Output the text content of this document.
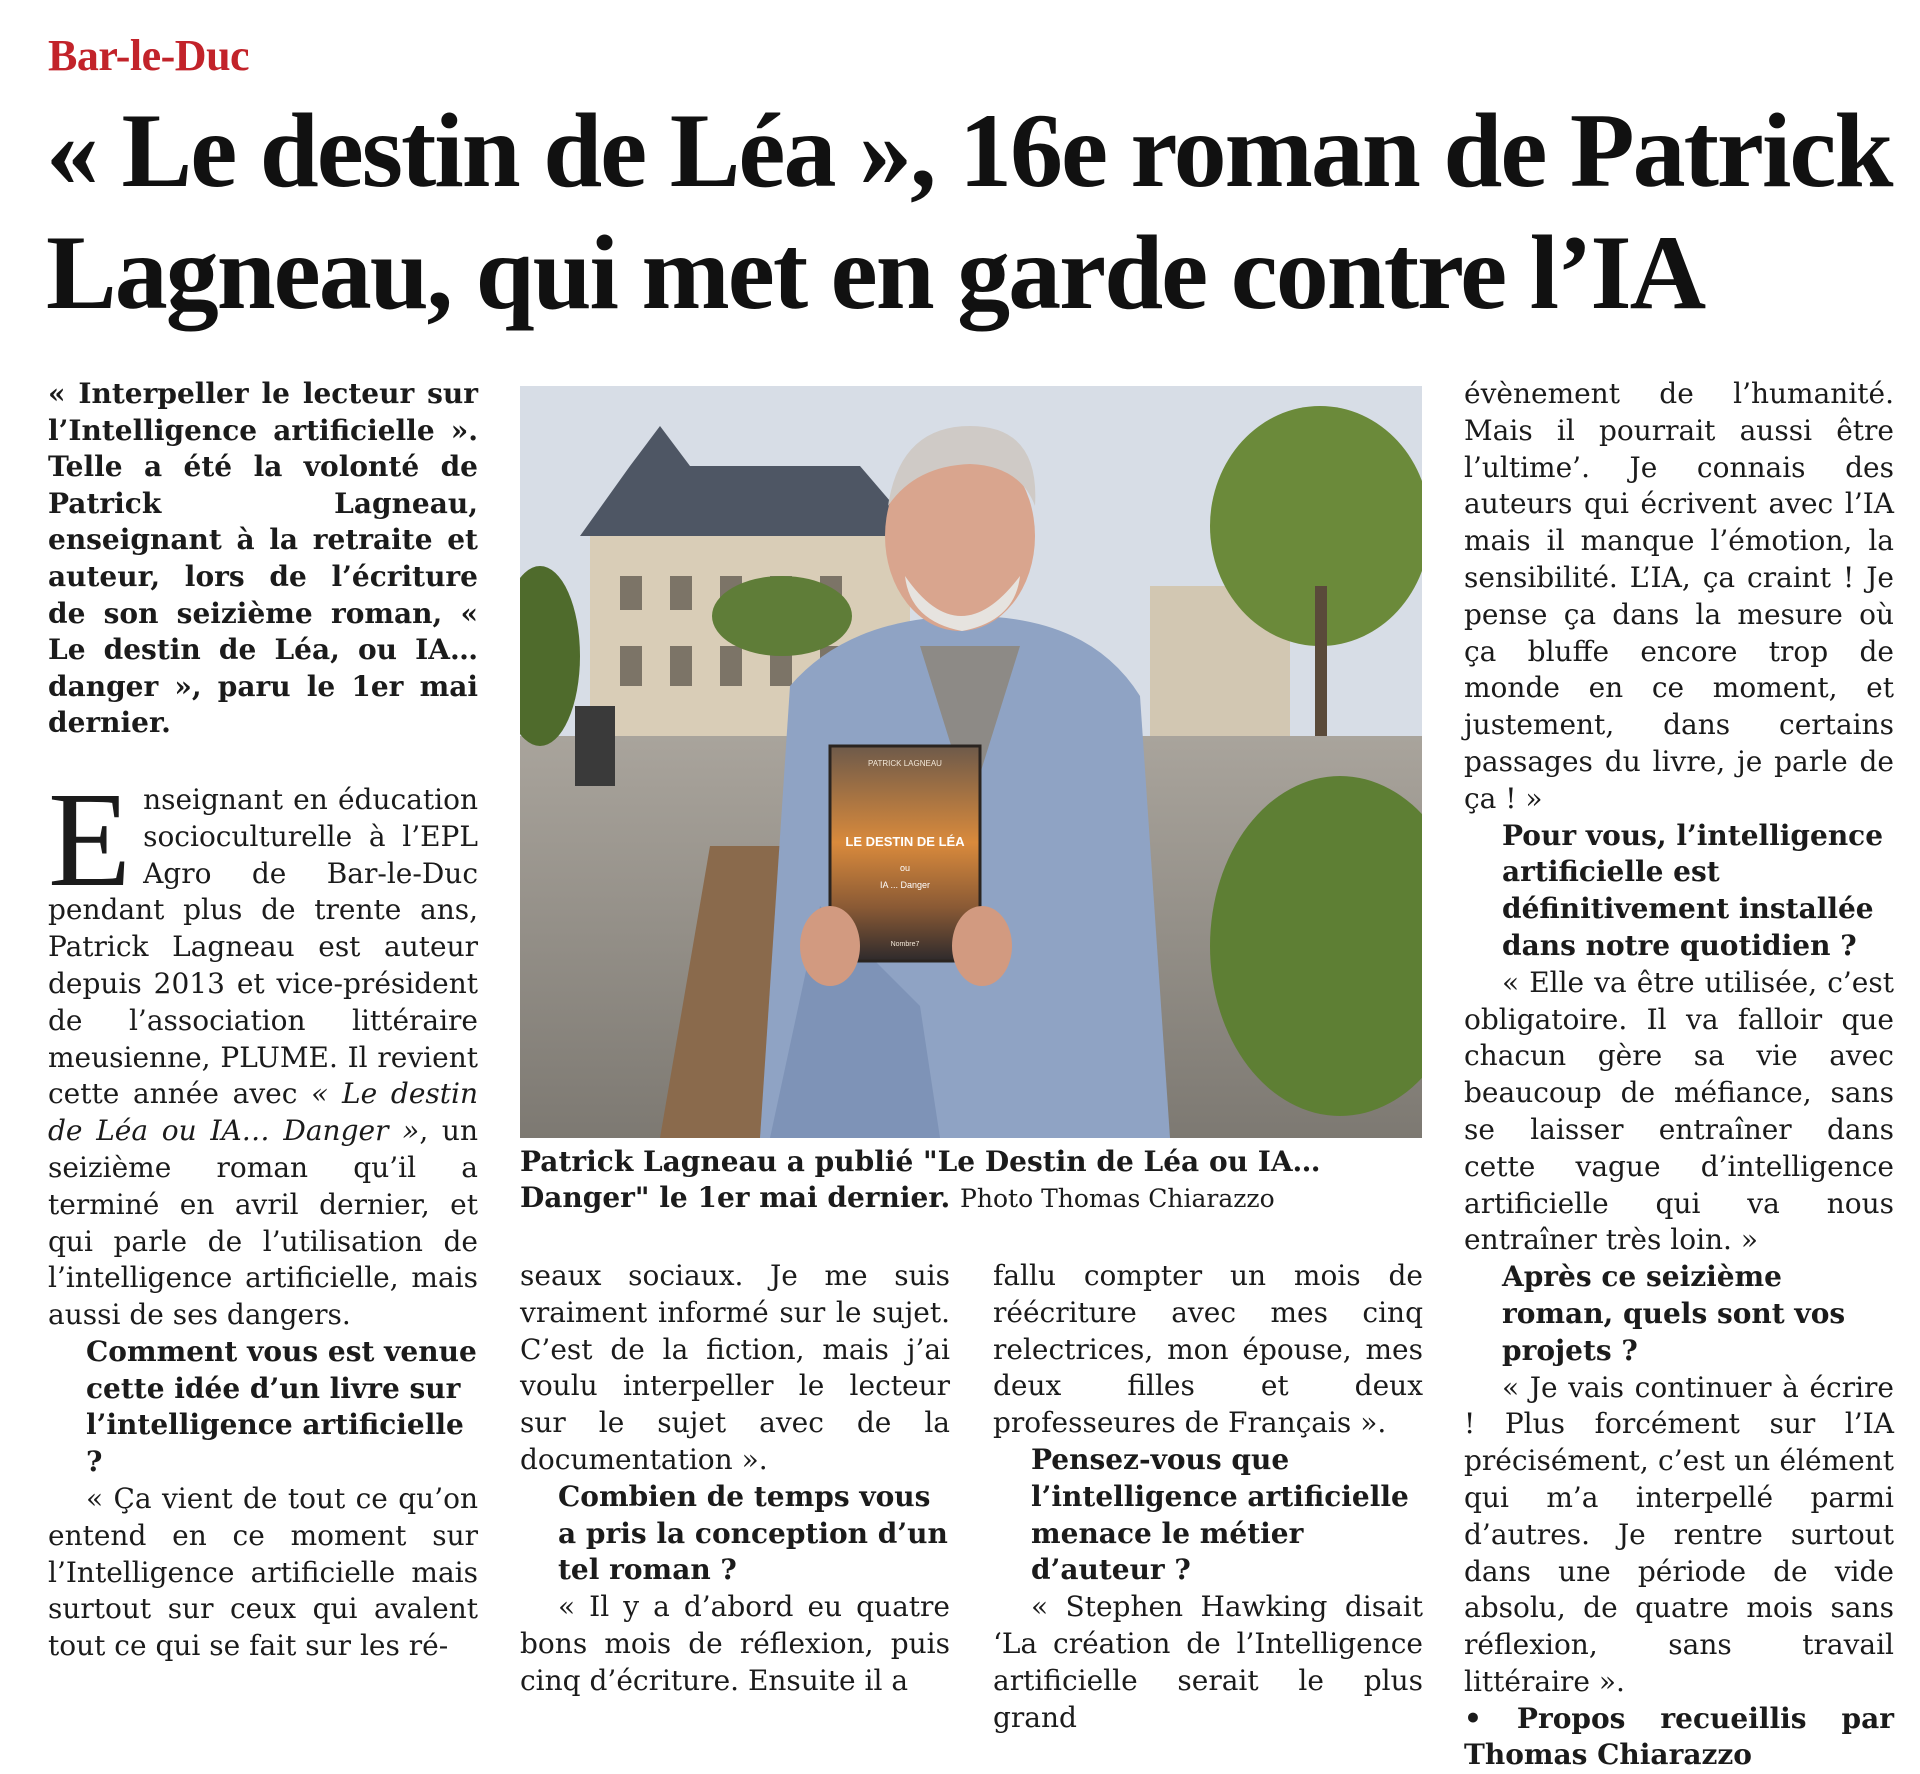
Bar-le-Duc
« Le destin de Léa », 16e roman de Patrick
Lagneau, qui met en garde contre l’IA

« Interpeller le lecteur sur l’Intelligence artificielle ». Telle a été la volonté de Patrick Lagneau, enseignant à la retraite et auteur, lors de l’écriture de son seizième roman, « Le destin de Léa, ou IA… danger », paru le 1er mai dernier.

Enseignant en éducation socioculturelle à l’EPL Agro de Bar-le-Duc pendant plus de trente ans, Patrick Lagneau est auteur depuis 2013 et vice-président de l’association littéraire meusienne, PLUME. Il revient cette année avec « Le destin de Léa ou IA… Danger », un seizième roman qu’il a terminé en avril dernier, et qui parle de l’utilisation de l’intelligence artificielle, mais aussi de ses dangers.

Comment vous est venue cette idée d’un livre sur l’intelligence artificielle ?

« Ça vient de tout ce qu’on entend en ce moment sur l’Intelligence artificielle mais surtout sur ceux qui avalent tout ce qui se fait sur les ré-

PATRICK LAGNEAU
LE DESTIN DE LÉA
ou
IA ... Danger
Nombre7

Patrick Lagneau a publié "Le Destin de Léa ou IA… Danger" le 1er mai dernier. Photo Thomas Chiarazzo

seaux sociaux. Je me suis vraiment informé sur le sujet. C’est de la fiction, mais j’ai voulu interpeller le lecteur sur le sujet avec de la documentation ».

Combien de temps vous a pris la conception d’un tel roman ?

« Il y a d’abord eu quatre bons mois de réflexion, puis cinq d’écriture. Ensuite il a

fallu compter un mois de réécriture avec mes cinq relectrices, mon épouse, mes deux filles et deux professeures de Français ».

Pensez-vous que l’intelligence artificielle menace le métier d’auteur ?

« Stephen Hawking disait ‘La création de l’Intelligence artificielle serait le plus grand

évènement de l’humanité. Mais il pourrait aussi être l’ultime’. Je connais des auteurs qui écrivent avec l’IA mais il manque l’émotion, la sensibilité. L’IA, ça craint ! Je pense ça dans la mesure où ça bluffe encore trop de monde en ce moment, et justement, dans certains passages du livre, je parle de ça ! »

Pour vous, l’intelligence artificielle est définitivement installée dans notre quotidien ?

« Elle va être utilisée, c’est obligatoire. Il va falloir que chacun gère sa vie avec beaucoup de méfiance, sans se laisser entraîner dans cette vague d’intelligence artificielle qui va nous entraîner très loin. »

Après ce seizième roman, quels sont vos projets ?

« Je vais continuer à écrire ! Plus forcément sur l’IA précisément, c’est un élément qui m’a interpellé parmi d’autres. Je rentre surtout dans une période de vide absolu, de quatre mois sans réflexion, sans travail littéraire ».

• Propos recueillis par Thomas Chiarazzo
